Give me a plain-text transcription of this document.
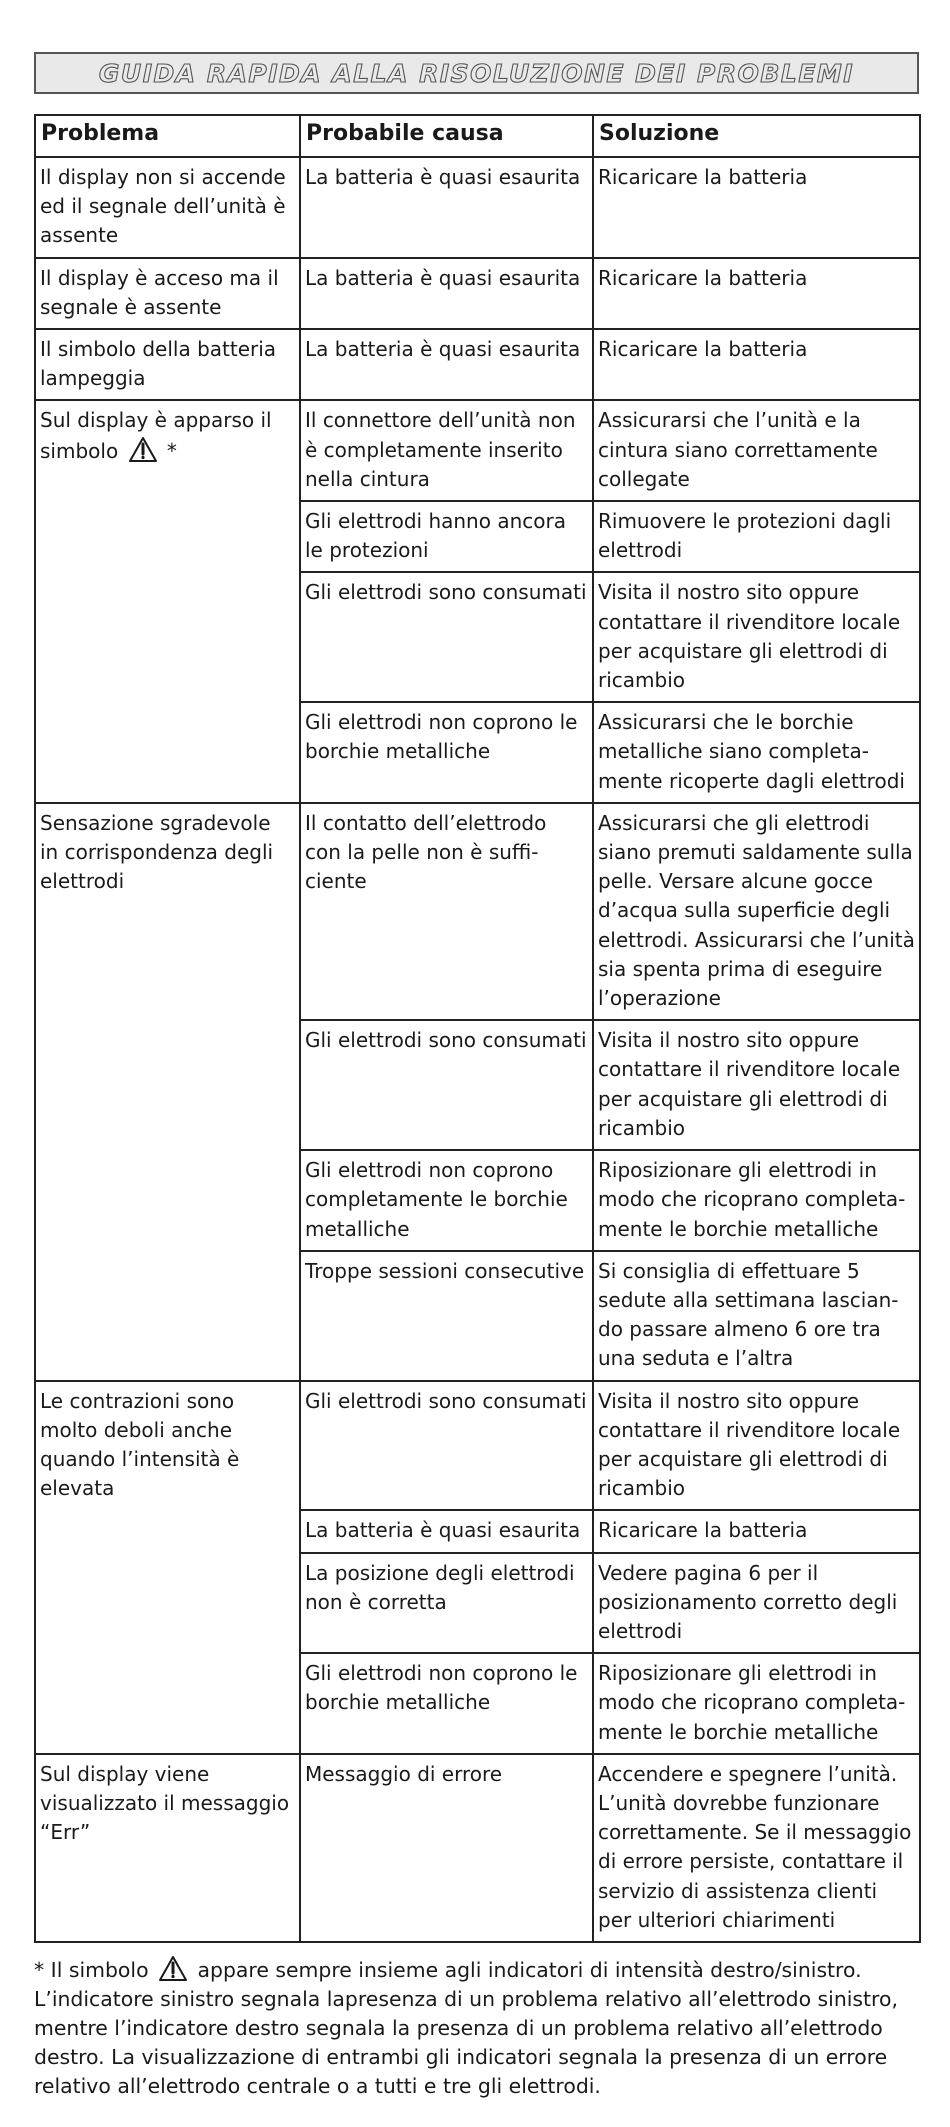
GUIDA RAPIDA ALLA RISOLUZIONE DEI PROBLEMI
Problema	Probabile causa	Soluzione
Il display non si accende ed il segnale dell’unità è assente	La batteria è quasi esaurita	Ricaricare la batteria
Il display è acceso ma il segnale è assente	La batteria è quasi esaurita	Ricaricare la batteria
Il simbolo della batteria lampeggia	La batteria è quasi esaurita	Ricaricare la batteria
Sul display è apparso il simbolo *	Il connettore dell’unità non è completamente inserito nella cintura	Assicurarsi che l’unità e la cintura siano correttamente collegate
	Gli elettrodi hanno ancora le protezioni	Rimuovere le protezioni dagli elettrodi
	Gli elettrodi sono consumati	Visita il nostro sito oppure contattare il rivenditore locale per acquistare gli elettrodi di ricambio
	Gli elettrodi non coprono le borchie metalliche	Assicurarsi che le borchie metalliche siano completa- mente ricoperte dagli elettrodi
Sensazione sgradevole in corrispondenza degli elettrodi	Il contatto dell’elettrodo con la pelle non è suffi- ciente	Assicurarsi che gli elettrodi siano premuti saldamente sulla pelle. Versare alcune gocce d’acqua sulla superficie degli elettrodi. Assicurarsi che l’unità sia spenta prima di eseguire l’operazione
	Gli elettrodi sono consumati	Visita il nostro sito oppure contattare il rivenditore locale per acquistare gli elettrodi di ricambio
	Gli elettrodi non coprono completamente le borchie metalliche	Riposizionare gli elettrodi in modo che ricoprano completa- mente le borchie metalliche
	Troppe sessioni consecutive	Si consiglia di effettuare 5 sedute alla settimana lascian- do passare almeno 6 ore tra una seduta e l’altra
Le contrazioni sono molto deboli anche quando l’intensità è elevata	Gli elettrodi sono consumati	Visita il nostro sito oppure contattare il rivenditore locale per acquistare gli elettrodi di ricambio
	La batteria è quasi esaurita	Ricaricare la batteria
	La posizione degli elettrodi non è corretta	Vedere pagina 6 per il posizionamento corretto degli elettrodi
	Gli elettrodi non coprono le borchie metalliche	Riposizionare gli elettrodi in modo che ricoprano completa- mente le borchie metalliche
Sul display viene visualizzato il messaggio “Err”	Messaggio di errore	Accendere e spegnere l’unità. L’unità dovrebbe funzionare correttamente. Se il messaggio di errore persiste, contattare il servizio di assistenza clienti per ulteriori chiarimenti
* Il simbolo appare sempre insieme agli indicatori di intensità destro/sinistro. L’indicatore sinistro segnala lapresenza di un problema relativo all’elettrodo sinistro, mentre l’indicatore destro segnala la presenza di un problema relativo all’elettrodo destro. La visualizzazione di entrambi gli indicatori segnala la presenza di un errore relativo all’elettrodo centrale o a tutti e tre gli elettrodi.
